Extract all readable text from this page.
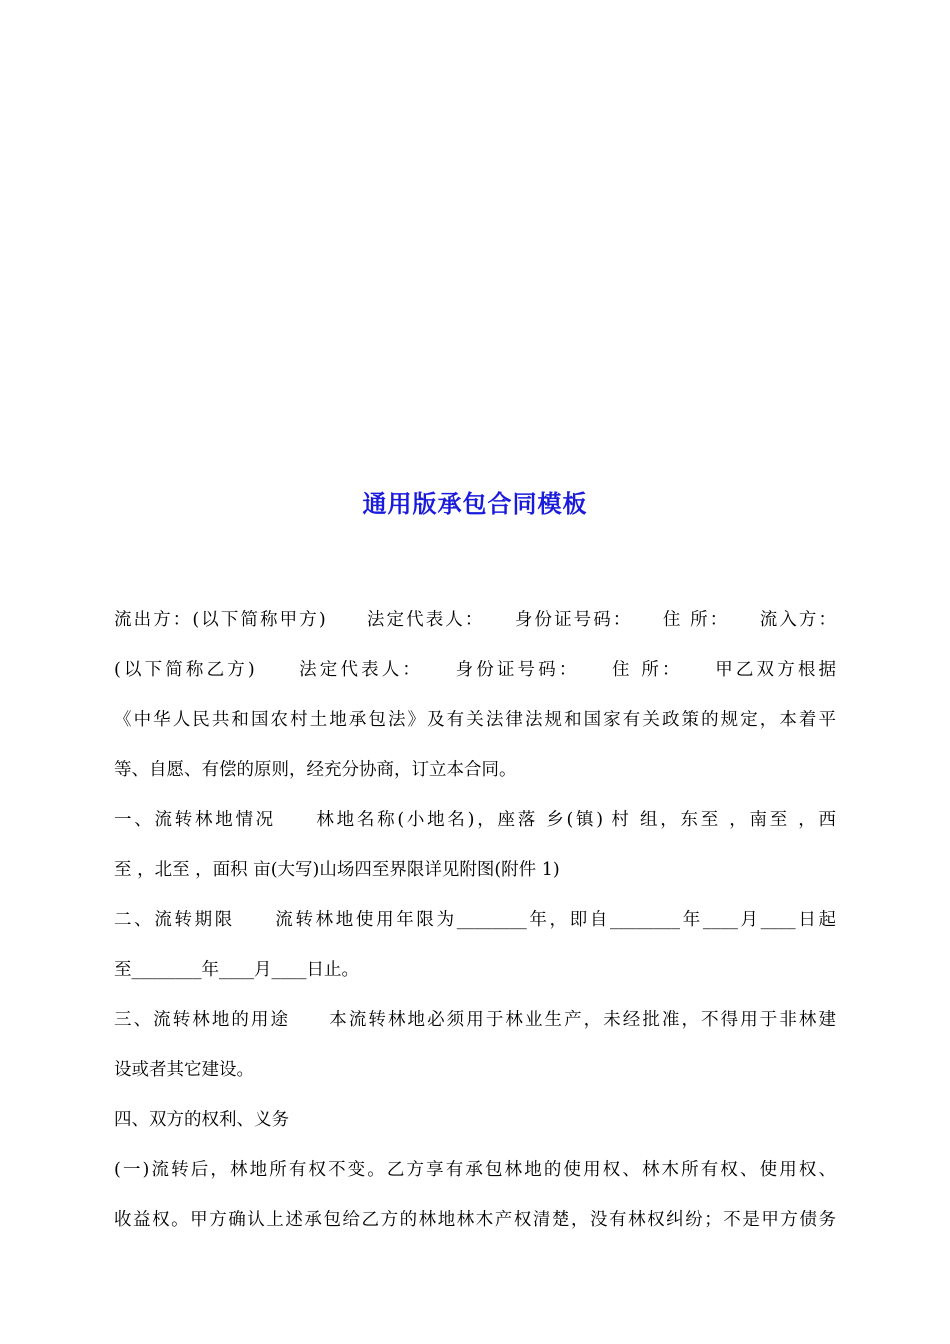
通用版承包合同模板
流出方：(以下简称甲方)　　法定代表人：　　身份证号码：　　住 所：　　流入方：
(以下简称乙方)　　法定代表人：　　身份证号码：　　住 所：　　甲乙双方根据
《中华人民共和国农村土地承包法》及有关法律法规和国家有关政策的规定，本着平
等、自愿、有偿的原则，经充分协商，订立本合同。
一、流转林地情况　　林地名称(小地名)，座落 乡(镇) 村 组，东至 ，南至 ，西
至 ，北至 ，面积 亩(大写)山场四至界限详见附图(附件 1)
二、流转期限　　流转林地使用年限为________年，即自________年____月____日起
至________年____月____日止。
三、流转林地的用途　　本流转林地必须用于林业生产，未经批准，不得用于非林建
设或者其它建设。
四、双方的权利、义务
(一)流转后，林地所有权不变。乙方享有承包林地的使用权、林木所有权、使用权、
收益权。甲方确认上述承包给乙方的林地林木产权清楚，没有林权纠纷；不是甲方债务
